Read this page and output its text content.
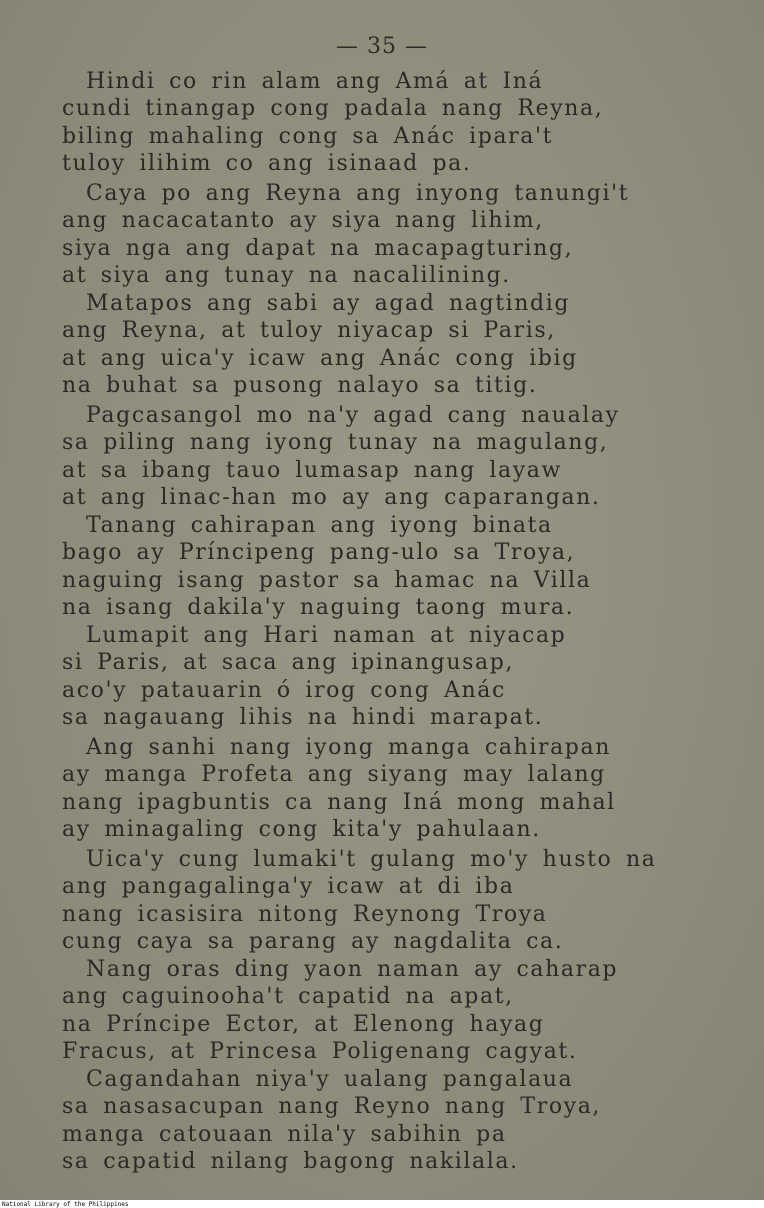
— 35 —
Hindi co rin alam ang Amá at Iná
cundi tinangap cong padala nang Reyna,
biling mahaling cong sa Anác ipara't
tuloy ilihim co ang isinaad pa.
Caya po ang Reyna ang inyong tanungi't
ang nacacatanto ay siya nang lihim,
siya nga ang dapat na macapagturing,
at siya ang tunay na nacalilining.
Matapos ang sabi ay agad nagtindig
ang Reyna, at tuloy niyacap si Paris,
at ang uica'y icaw ang Anác cong ibig
na buhat sa pusong nalayo sa titig.
Pagcasangol mo na'y agad cang naualay
sa piling nang iyong tunay na magulang,
at sa ibang tauo lumasap nang layaw
at ang linac-han mo ay ang caparangan.
Tanang cahirapan ang iyong binata
bago ay Príncipeng pang-ulo sa Troya,
naguing isang pastor sa hamac na Villa
na isang dakila'y naguing taong mura.
Lumapit ang Hari naman at niyacap
si Paris, at saca ang ipinangusap,
aco'y patauarin ó irog cong Anác
sa nagauang lihis na hindi marapat.
Ang sanhi nang iyong manga cahirapan
ay manga Profeta ang siyang may lalang
nang ipagbuntis ca nang Iná mong mahal
ay minagaling cong kita'y pahulaan.
Uica'y cung lumaki't gulang mo'y husto na
ang pangagalinga'y icaw at di iba
nang icasisira nitong Reynong Troya
cung caya sa parang ay nagdalita ca.
Nang oras ding yaon naman ay caharap
ang caguinooha't capatid na apat,
na Príncipe Ector, at Elenong hayag
Fracus, at Princesa Poligenang cagyat.
Cagandahan niya'y ualang pangalaua
sa nasasacupan nang Reyno nang Troya,
manga catouaan nila'y sabihin pa
sa capatid nilang bagong nakilala.
National Library of the Philippines
